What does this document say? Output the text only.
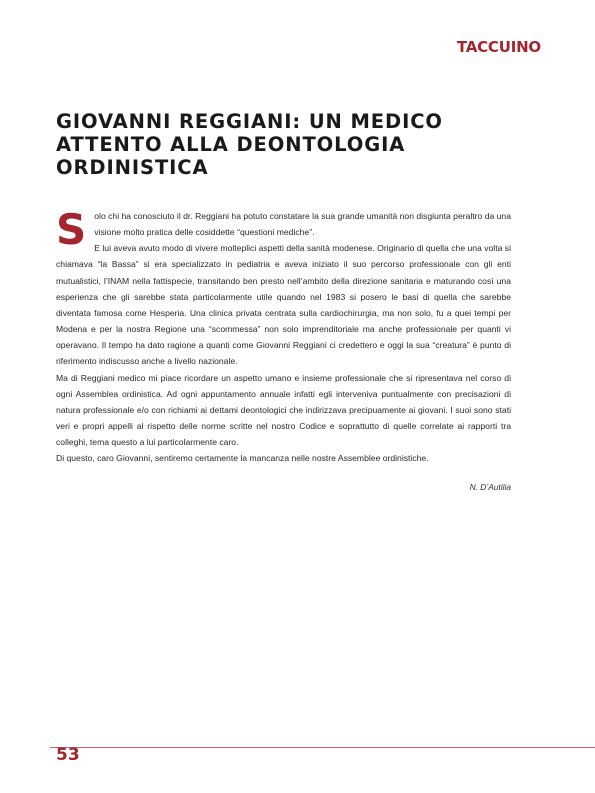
TACCUINO
GIOVANNI REGGIANI: UN MEDICO ATTENTO ALLA DEONTOLOGIA ORDINISTICA

Solo chi ha conosciuto il dr. Reggiani ha potuto constatare la sua grande umanità non disgiunta peraltro da una visione molto pratica delle cosiddette “questioni mediche”.

E lui aveva avuto modo di vivere molteplici aspetti della sanità modenese. Originario di quella che una volta si chiamava “la Bassa” si era specializzato in pediatria e aveva iniziato il suo percorso professionale con gli enti mutualistici, l’INAM nella fattispecie, transitando ben presto nell’ambito della direzione sanitaria e maturando così una esperienza che gli sarebbe stata particolarmente utile quando nel 1983 si posero le basi di quella che sarebbe diventata famosa come Hesperia. Una clinica privata centrata sulla cardiochirurgia, ma non solo, fu a quei tempi per Modena e per la nostra Regione una “scommessa” non solo imprenditoriale ma anche professionale per quanti vi operavano. Il tempo ha dato ragione a quanti come Giovanni Reggiani ci credettero e oggi la sua “creatura” è punto di riferimento indiscusso anche a livello nazionale.

Ma di Reggiani medico mi piace ricordare un aspetto umano e insieme professionale che si ripresentava nel corso di ogni Assemblea ordinistica. Ad ogni appuntamento annuale infatti egli interveniva puntualmente con precisazioni di natura professionale e/o con richiami ai dettami deontologici che indirizzava precipuamente ai giovani. I suoi sono stati veri e propri appelli al rispetto delle norme scritte nel nostro Codice e soprattutto di quelle correlate ai rapporti tra colleghi, tema questo a lui particolarmente caro.

Di questo, caro Giovanni, sentiremo certamente la mancanza nelle nostre Assemblee ordinistiche.

N. D’Autilia
53
